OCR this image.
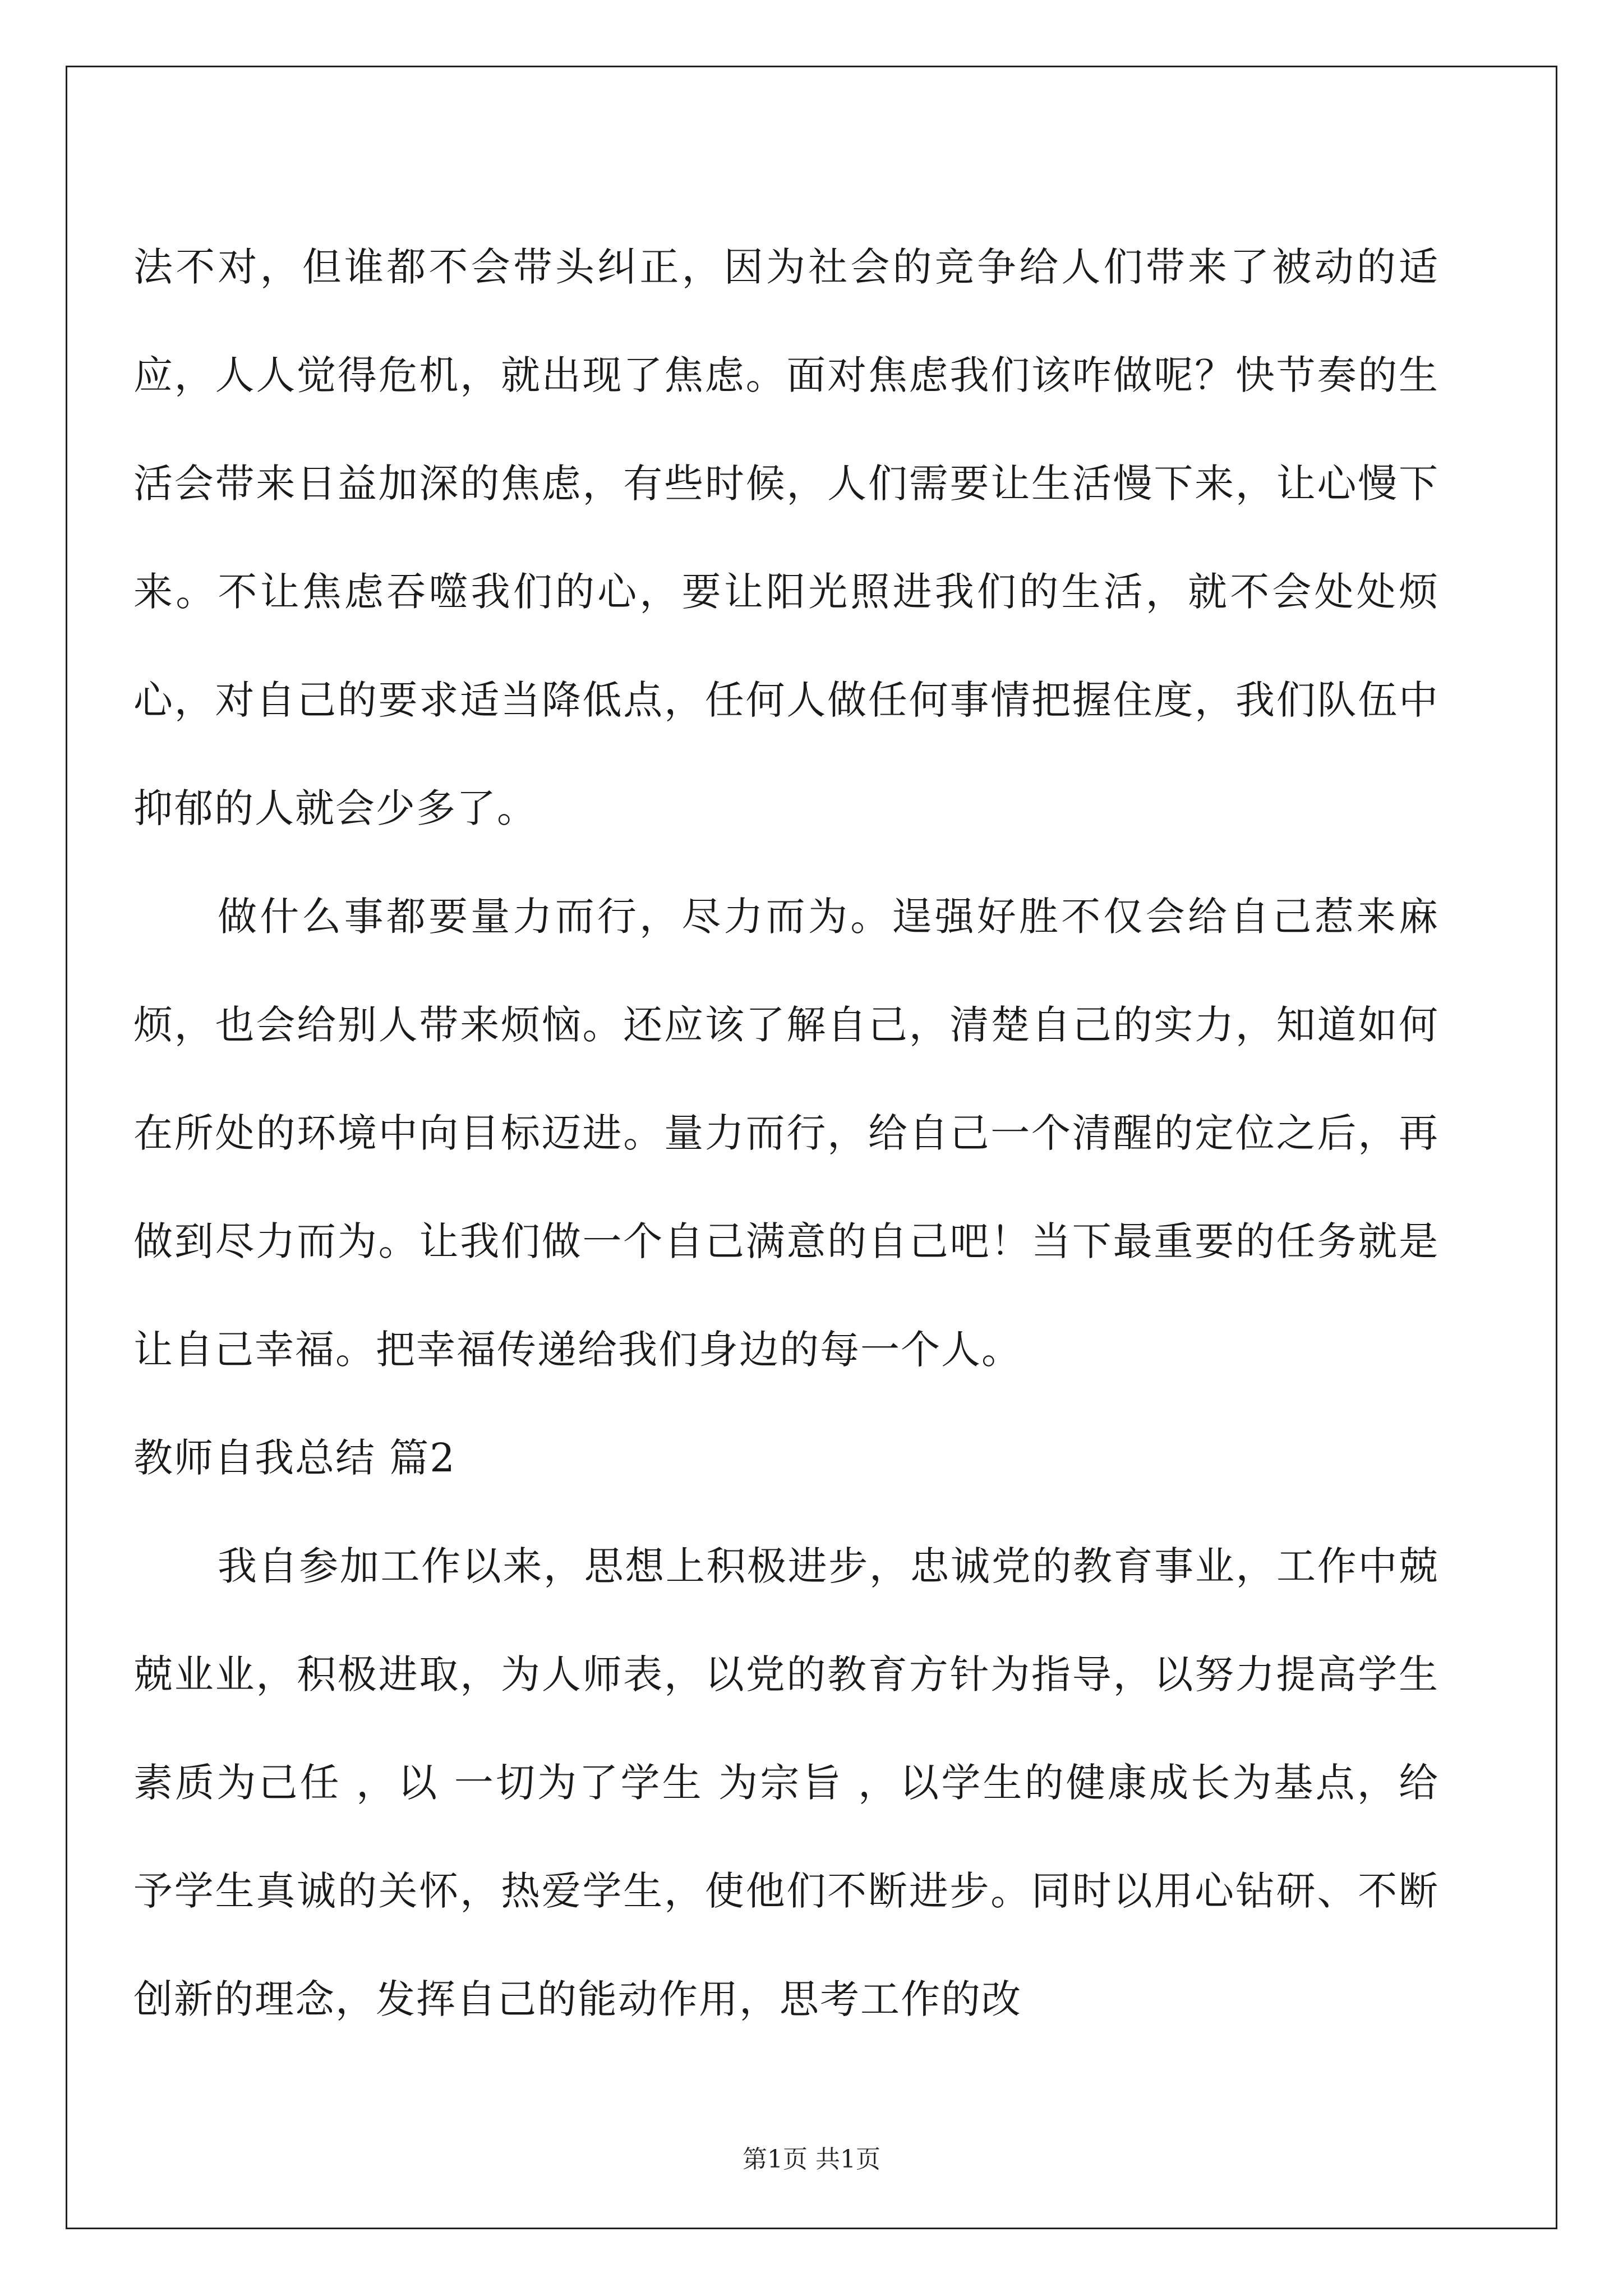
法不对，但谁都不会带头纠正，因为社会的竞争给人们带来了被动的适应，人人觉得危机，就出现了焦虑。面对焦虑我们该咋做呢？快节奏的生活会带来日益加深的焦虑，有些时候，人们需要让生活慢下来，让心慢下来。不让焦虑吞噬我们的心，要让阳光照进我们的生活，就不会处处烦心，对自己的要求适当降低点，任何人做任何事情把握住度，我们队伍中抑郁的人就会少多了。

做什么事都要量力而行，尽力而为。逞强好胜不仅会给自己惹来麻烦，也会给别人带来烦恼。还应该了解自己，清楚自己的实力，知道如何在所处的环境中向目标迈进。量力而行，给自己一个清醒的定位之后，再做到尽力而为。让我们做一个自己满意的自己吧！当下最重要的任务就是让自己幸福。把幸福传递给我们身边的每一个人。

教师自我总结 篇2

我自参加工作以来，思想上积极进步，忠诚党的教育事业，工作中兢兢业业，积极进取，为人师表，以党的教育方针为指导，以努力提高学生素质为己任 ，以 一切为了学生 为宗旨 ，以学生的健康成长为基点，给予学生真诚的关怀，热爱学生，使他们不断进步。同时以用心钻研、不断创新的理念，发挥自己的能动作用，思考工作的改

第1页 共1页
